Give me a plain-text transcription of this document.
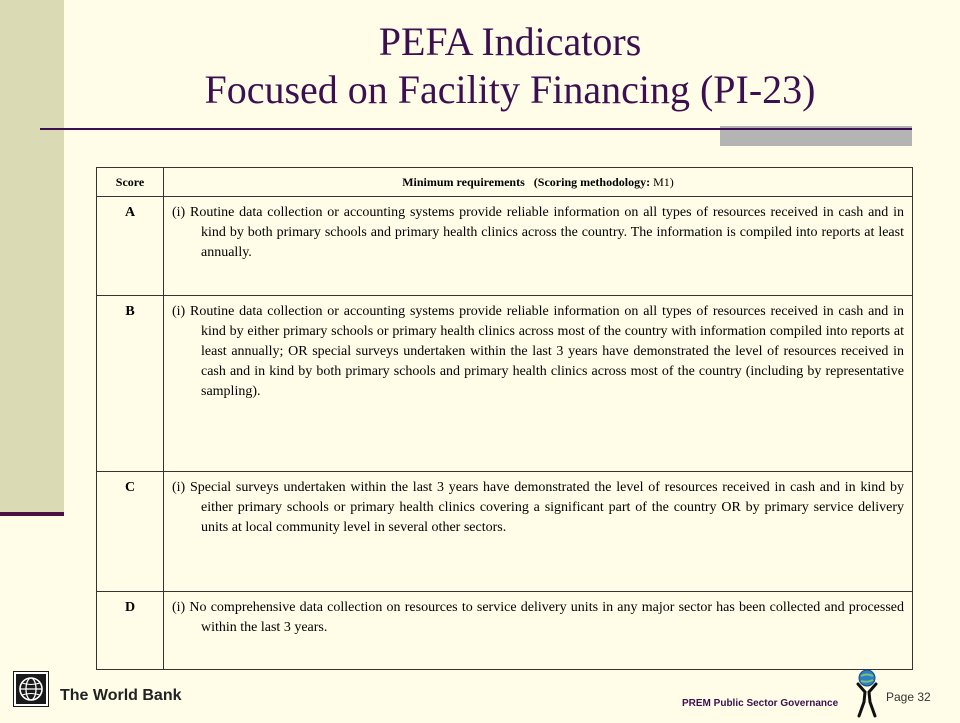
PEFA Indicators
Focused on Facility Financing (PI-23)
Score	Minimum requirements (Scoring methodology: M1)
A	(i) Routine data collection or accounting systems provide reliable information on all types of resources received in cash and in kind by both primary schools and primary health clinics across the country. The information is compiled into reports at least annually.

B	(i) Routine data collection or accounting systems provide reliable information on all types of resources received in cash and in kind by either primary schools or primary health clinics across most of the country with information compiled into reports at least annually; OR special surveys undertaken within the last 3 years have demonstrated the level of resources received in cash and in kind by both primary schools and primary health clinics across most of the country (including by representative sampling).

C	(i) Special surveys undertaken within the last 3 years have demonstrated the level of resources received in cash and in kind by either primary schools or primary health clinics covering a significant part of the country OR by primary service delivery units at local community level in several other sectors.

D	(i) No comprehensive data collection on resources to service delivery units in any major sector has been collected and processed within the last 3 years.

The World Bank	PREM Public Sector Governance	Page 32
